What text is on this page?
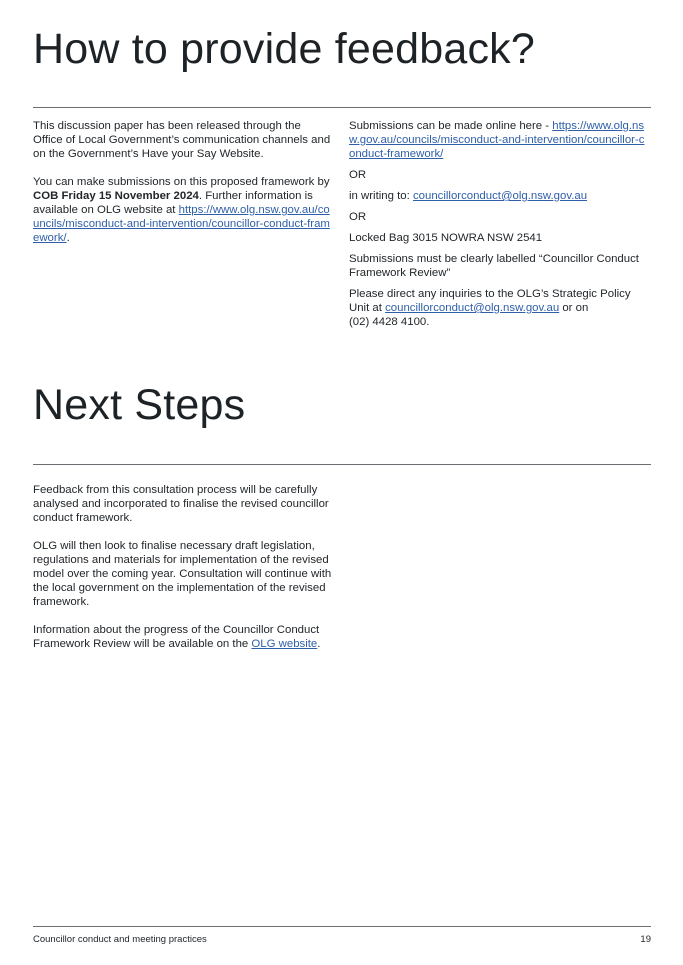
How to provide feedback?

This discussion paper has been released through the Office of Local Government’s communication channels and on the Government’s Have your Say Website.

You can make submissions on this proposed framework by COB Friday 15 November 2024. Further information is available on OLG website at https://www.olg.nsw.gov.au/councils/misconduct-and-intervention/councillor-conduct-framework/.

Submissions can be made online here - https://www.olg.nsw.gov.au/councils/misconduct-and-intervention/councillor-conduct-framework/

OR

in writing to: councillorconduct@olg.nsw.gov.au

OR

Locked Bag 3015 NOWRA NSW 2541

Submissions must be clearly labelled “Councillor Conduct Framework Review”

Please direct any inquiries to the OLG’s Strategic Policy Unit at councillorconduct@olg.nsw.gov.au or on
(02) 4428 4100.

Next Steps

Feedback from this consultation process will be carefully analysed and incorporated to finalise the revised councillor conduct framework.

OLG will then look to finalise necessary draft legislation, regulations and materials for implementation of the revised model over the coming year. Consultation will continue with the local government on the implementation of the revised framework.

Information about the progress of the Councillor Conduct Framework Review will be available on the OLG website.

Councillor conduct and meeting practices	19
